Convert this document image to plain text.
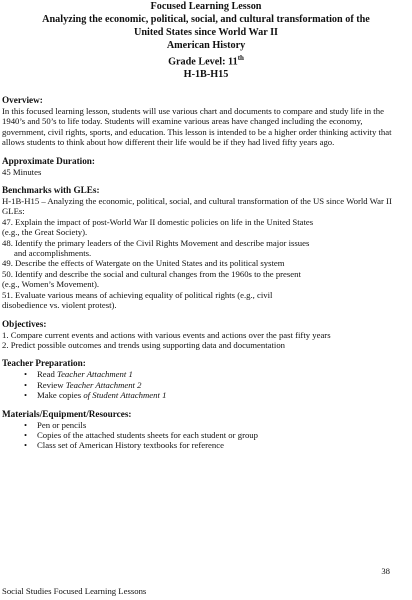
Focused Learning Lesson
Analyzing the economic, political, social, and cultural transformation of the
United States since World War II
American History
Grade Level: 11th
H-1B-H15
Overview:

In this focused learning lesson, students will use various chart and documents to compare and study life in the 1940’s and 50’s to life today. Students will examine various areas have changed including the economy, government, civil rights, sports, and education. This lesson is intended to be a higher order thinking activity that allows students to think about how different their life would be if they had lived fifty years ago.

Approximate Duration:

45 Minutes

Benchmarks with GLEs:

H-1B-H15 – Analyzing the economic, political, social, and cultural transformation of the US since World War II

GLEs:

47. Explain the impact of post-World War II domestic policies on life in the United States
(e.g., the Great Society).
48. Identify the primary leaders of the Civil Rights Movement and describe major issues
and accomplishments.
49. Describe the effects of Watergate on the United States and its political system
50. Identify and describe the social and cultural changes from the 1960s to the present
(e.g., Women’s Movement).
51. Evaluate various means of achieving equality of political rights (e.g., civil
disobedience vs. violent protest).
Objectives:

1. Compare current events and actions with various events and actions over the past fifty years

2. Predict possible outcomes and trends using supporting data and documentation

Teacher Preparation:
• Read Teacher Attachment 1
• Review Teacher Attachment 2
• Make copies of Student Attachment 1
Materials/Equipment/Resources:
• Pen or pencils
• Copies of the attached students sheets for each student or group
• Class set of American History textbooks for reference
38
Social Studies Focused Learning Lessons
